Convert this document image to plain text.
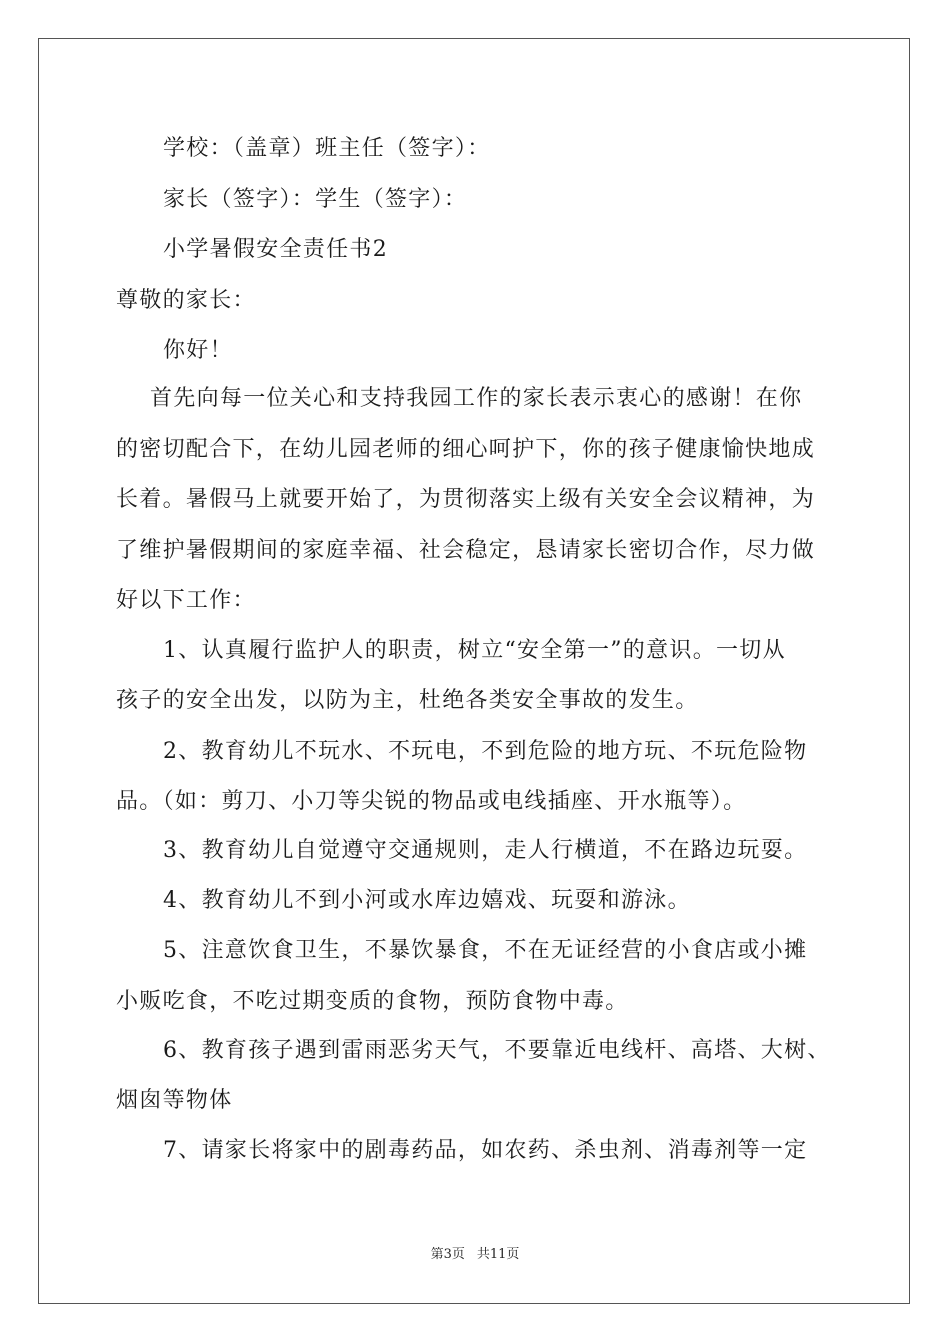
学校：（盖章）班主任（签字）：
家长（签字）：学生（签字）：
小学暑假安全责任书2
尊敬的家长：
你好！
首先向每一位关心和支持我园工作的家长表示衷心的感谢！在你
的密切配合下，在幼儿园老师的细心呵护下，你的孩子健康愉快地成
长着。暑假马上就要开始了，为贯彻落实上级有关安全会议精神，为
了维护暑假期间的家庭幸福、社会稳定，恳请家长密切合作，尽力做
好以下工作：
1、认真履行监护人的职责，树立“安全第一”的意识。一切从
孩子的安全出发，以防为主，杜绝各类安全事故的发生。
2、教育幼儿不玩水、不玩电，不到危险的地方玩、不玩危险物
品。（如：剪刀、小刀等尖锐的物品或电线插座、开水瓶等）。
3、教育幼儿自觉遵守交通规则，走人行横道，不在路边玩耍。
4、教育幼儿不到小河或水库边嬉戏、玩耍和游泳。
5、注意饮食卫生，不暴饮暴食，不在无证经营的小食店或小摊
小贩吃食，不吃过期变质的食物，预防食物中毒。
6、教育孩子遇到雷雨恶劣天气，不要靠近电线杆、高塔、大树、
烟囱等物体
7、请家长将家中的剧毒药品，如农药、杀虫剂、消毒剂等一定
第3页 共11页
